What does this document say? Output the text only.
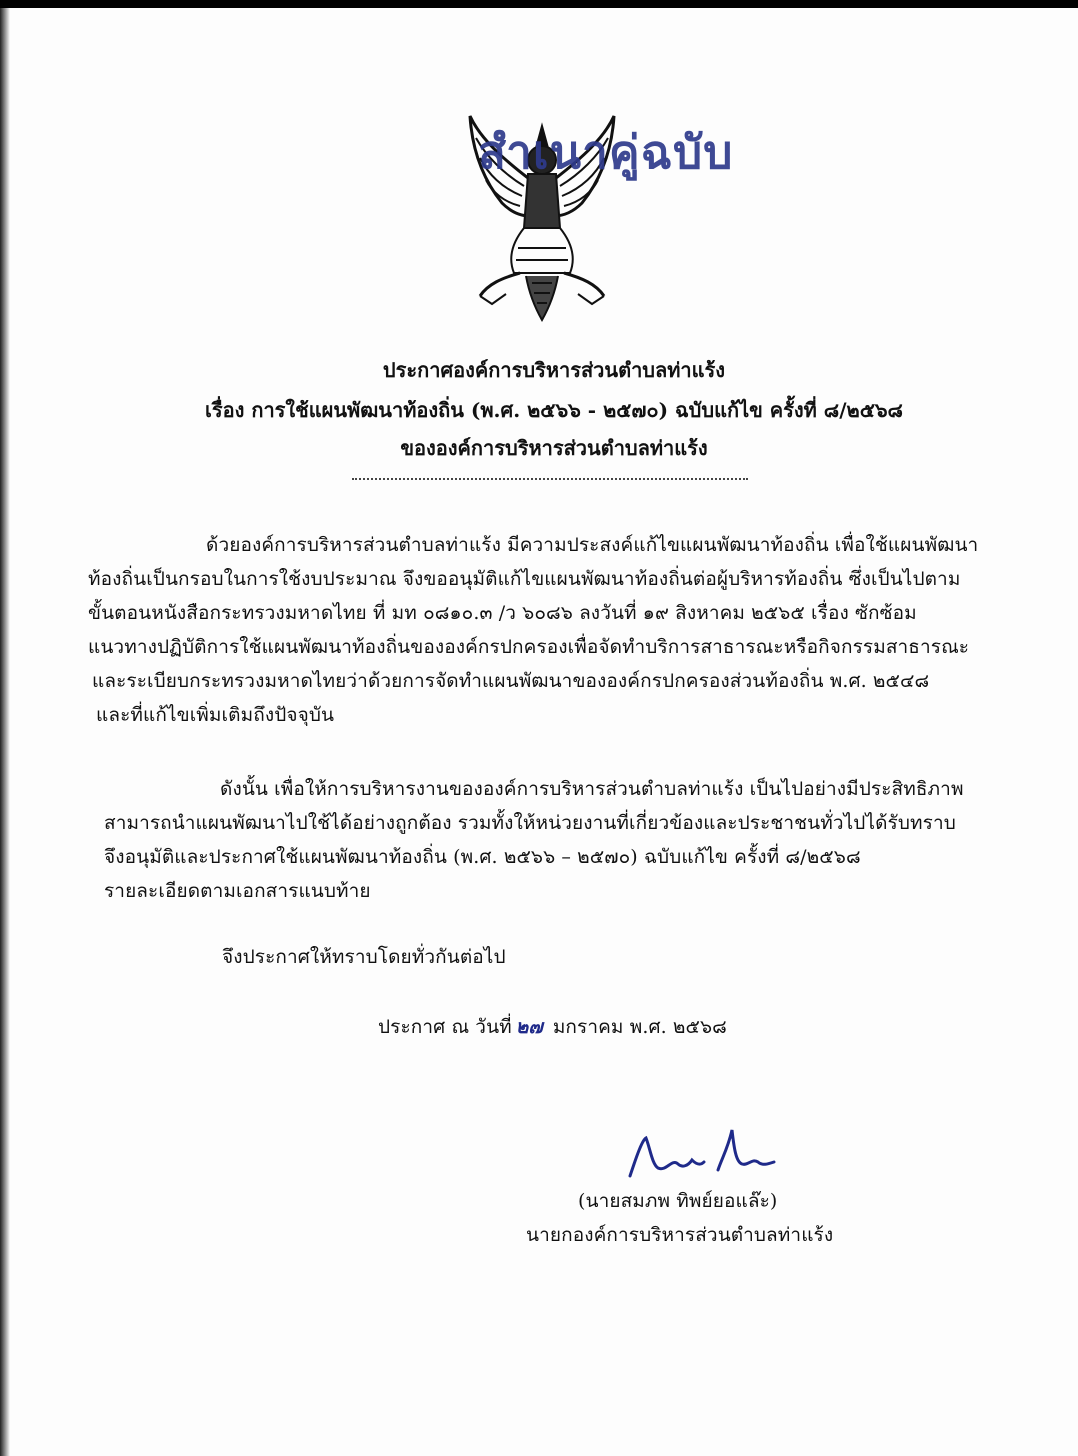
สำเนาคู่ฉบับ
ประกาศองค์การบริหารส่วนตำบลท่าแร้ง
เรื่อง การใช้แผนพัฒนาท้องถิ่น (พ.ศ. ๒๕๖๖ - ๒๕๗๐) ฉบับแก้ไข ครั้งที่ ๘/๒๕๖๘
ขององค์การบริหารส่วนตำบลท่าแร้ง
ด้วยองค์การบริหารส่วนตำบลท่าแร้ง มีความประสงค์แก้ไขแผนพัฒนาท้องถิ่น เพื่อใช้แผนพัฒนา
ท้องถิ่นเป็นกรอบในการใช้งบประมาณ จึงขออนุมัติแก้ไขแผนพัฒนาท้องถิ่นต่อผู้บริหารท้องถิ่น ซึ่งเป็นไปตาม
ขั้นตอนหนังสือกระทรวงมหาดไทย ที่ มท ๐๘๑๐.๓ /ว ๖๐๘๖ ลงวันที่ ๑๙ สิงหาคม ๒๕๖๕ เรื่อง ซักซ้อม
แนวทางปฏิบัติการใช้แผนพัฒนาท้องถิ่นขององค์กรปกครองเพื่อจัดทำบริการสาธารณะหรือกิจกรรมสาธารณะ
และระเบียบกระทรวงมหาดไทยว่าด้วยการจัดทำแผนพัฒนาขององค์กรปกครองส่วนท้องถิ่น พ.ศ. ๒๕๔๘
และที่แก้ไขเพิ่มเติมถึงปัจจุบัน
ดังนั้น เพื่อให้การบริหารงานขององค์การบริหารส่วนตำบลท่าแร้ง เป็นไปอย่างมีประสิทธิภาพ
สามารถนำแผนพัฒนาไปใช้ได้อย่างถูกต้อง รวมทั้งให้หน่วยงานที่เกี่ยวข้องและประชาชนทั่วไปได้รับทราบ
จึงอนุมัติและประกาศใช้แผนพัฒนาท้องถิ่น (พ.ศ. ๒๕๖๖ – ๒๕๗๐) ฉบับแก้ไข ครั้งที่ ๘/๒๕๖๘
รายละเอียดตามเอกสารแนบท้าย
จึงประกาศให้ทราบโดยทั่วกันต่อไป
ประกาศ ณ วันที่ ๒๗ มกราคม พ.ศ. ๒๕๖๘
(นายสมภพ ทิพย์ยอแล๊ะ)
นายกองค์การบริหารส่วนตำบลท่าแร้ง
